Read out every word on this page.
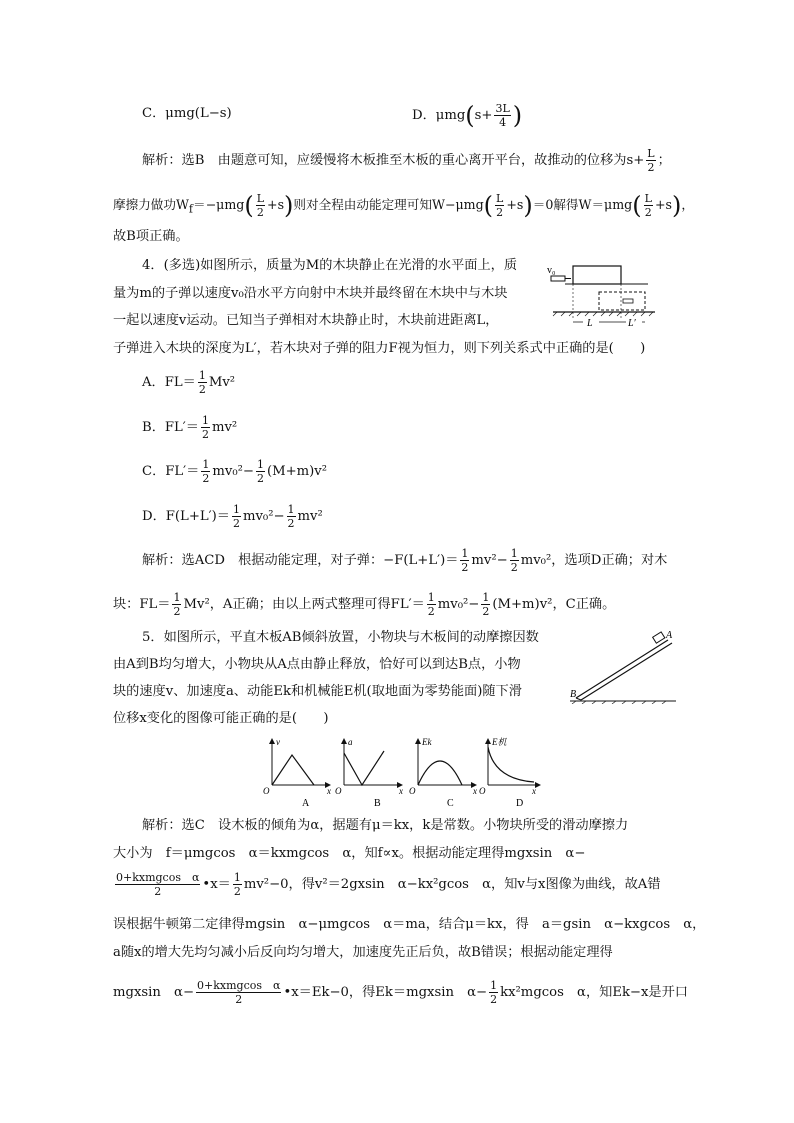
C．μmg(L−s)	D．$\mu mg(s+ \frac{3L}{4}$ )
解析：选B　由题意可知，应缓慢将木板推至木板的重心离开平台，故推动的位移为$s+ \frac{L}{2}$ ；
摩擦力做功$W_f=-\mu mg( \frac{L}{2} +s)$则对全程由动能定理可知$W-\mu mg( \frac{L}{2} +s)=0$解得$W=\mu mg( \frac{L}{2} +s)$，
故B项正确。
4．(多选)如图所示，质量为M的木块静止在光滑的水平面上，质
量为m的子弹以速度v₀沿水平方向射中木块并最终留在木块中与木块
一起以速度v运动。已知当子弹相对木块静止时，木块前进距离L，
子弹进入木块的深度为L′，若木块对子弹的阻力F视为恒力，则下列关系式中正确的是(　　)
v₀
L	L′
A．$FL= \frac{1}{2} Mv^2$
B．$FL'= \frac{1}{2} mv^2$
C．$FL'= \frac{1}{2} mv_0^2- \frac{1}{2} (M+m)v^2$
D．$F(L+L')= \frac{1}{2} mv_0^2- \frac{1}{2} mv^2$
解析：选ACD　根据动能定理，对子弹：$-F(L+L')= \frac{1}{2} mv^2- \frac{1}{2} mv_0^2$，选项D正确；对木
块：$FL= \frac{1}{2} Mv^2$，A正确；由以上两式整理可得$FL'= \frac{1}{2} mv_0^2- \frac{1}{2} (M+m)v^2$，C正确。
5．如图所示，平直木板AB倾斜放置，小物块与木板间的动摩擦因数
由A到B均匀增大，小物块从A点由静止释放，恰好可以到达B点，小物
块的速度v、加速度a、动能Ek和机械能E机(取地面为零势能面)随下滑
位移x变化的图像可能正确的是(　　)
A
B
v
x
O
A
a
x
O
B
Ek
x
O
C
E机
x
O
D
解析：选C　设木板的倾角为α，据题有μ＝kx，k是常数。小物块所受的滑动摩擦力
大小为　f＝μmgcos　α＝kxmgcos　α，知f∝x。根据动能定理得mgxsin　α−
$\frac{\text{0+kxmgcos　α}}{2}$ •x＝ $\frac{1}{2} mv^2-0$，得v²＝2gxsin　α−kx²gcos　α，知v与x图像为曲线，故A错
误根据牛顿第二定律得mgsin　α−μmgcos　α＝ma，结合μ＝kx，得　a＝gsin　α−kxgcos　α，
a随x的增大先均匀减小后反向均匀增大，加速度先正后负，故B错误；根据动能定理得
mgxsin　$\alpha- \frac{\text{0+kxmgcos　α}}{2}$ •x＝Ek−0，得Ek＝mgxsin　$\alpha- \frac{1}{2} kx^2mgcos$　α，知Ek−x是开口
